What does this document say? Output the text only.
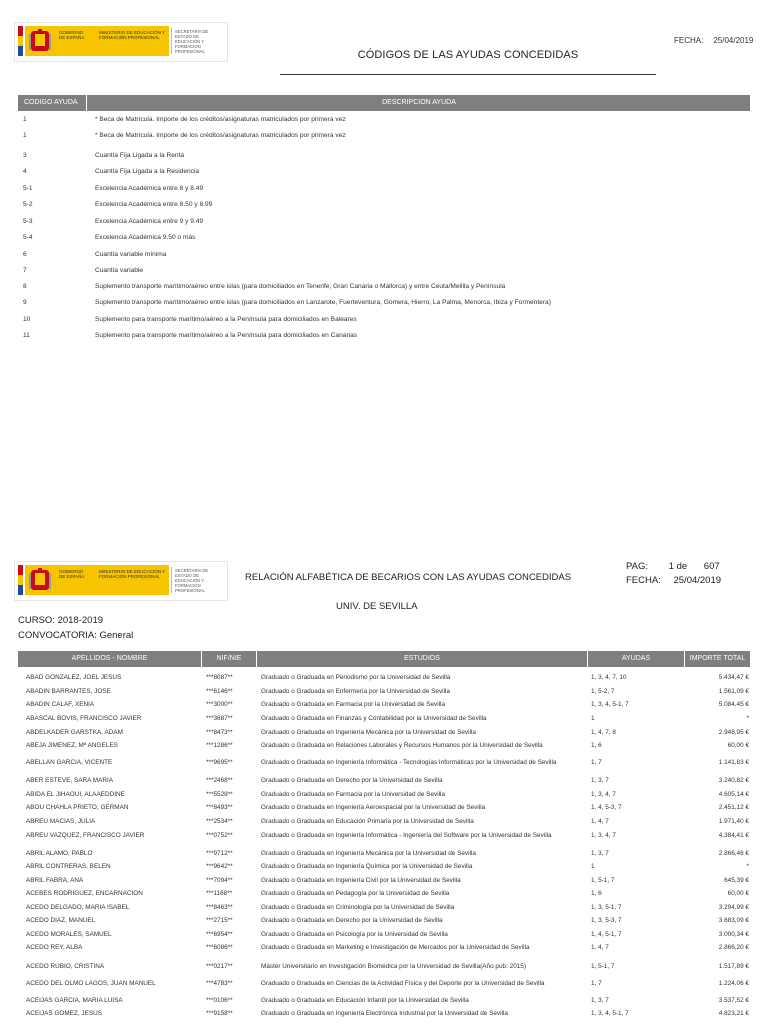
GOBIERNO DE ESPAÑA
MINISTERIO DE EDUCACIÓN Y FORMACIÓN PROFESIONAL
SECRETARÍA DE ESTADO DE EDUCACIÓN Y FORMACIÓN PROFESIONAL
FECHA: 25/04/2019
CÓDIGOS DE LAS AYUDAS CONCEDIDAS
CODIGO AYUDA	DESCRIPCION AYUDA
1	* Beca de Matrícula. Importe de los créditos/asignaturas matriculados por primera vez
1	* Beca de Matrícula. Importe de los créditos/asignaturas matriculados por primera vez
3	Cuantía Fija Ligada a la Renta
4	Cuantía Fija Ligada a la Residencia
5-1	Excelencia Académica entre 8 y 8.49
5-2	Excelencia Académica entre 8.50 y 8.99
5-3	Excelencia Académica entre 9 y 9.49
5-4	Excelencia Académica 9.50 o más
6	Cuantía variable mínima
7	Cuantía variable
8	Suplemento transporte marítimo/aéreo entre islas (para domiciliados en Tenerife, Gran Canaria o Mallorca) y entre Ceuta/Melilla y Península
9	Suplemento transporte marítimo/aéreo entre islas (para domiciliados en Lanzarote, Fuerteventura, Gomera, Hierro, La Palma, Menorca, Ibiza y Formentera)
10	Suplemento para transporte marítimo/aéreo a la Península para domiciliados en Baleares
11	Suplemento para transporte marítimo/aéreo a la Península para domiciliados en Canarias
GOBIERNO DE ESPAÑA
MINISTERIO DE EDUCACIÓN Y FORMACIÓN PROFESIONAL
SECRETARÍA DE ESTADO DE EDUCACIÓN Y FORMACIÓN PROFESIONAL
RELACIÓN ALFABÉTICA DE BECARIOS CON LAS AYUDAS CONCEDIDAS
PAG: 1 de 607
FECHA: 25/04/2019
UNIV. DE SEVILLA
CURSO: 2018-2019
CONVOCATORIA: General
APELLIDOS - NOMBRE	NIF/NIE	ESTUDIOS	AYUDAS	IMPORTE TOTAL
ABAD GONZALEZ, JOEL JESUS	***8087**	Graduado o Graduada en Periodismo por la Universidad de Sevilla	1, 3, 4, 7, 10	5.434,47 €
ABADIN BARRANTES, JOSE	***6146**	Graduado o Graduada en Enfermería por la Universidad de Sevilla	1, 5-2, 7	1.561,09 €
ABADIN CALAF, XENIA	***3000**	Graduado o Graduada en Farmacia por la Universidad de Sevilla	1, 3, 4, 5-1, 7	5.084,45 €
ABASCAL BOVIS, FRANCISCO JAVIER	***3687**	Graduado o Graduada en Finanzas y Contabilidad por la Universidad de Sevilla	1	*
ABDELKADER GARSTKA, ADAM	***8473**	Graduado o Graduada en Ingeniería Mecánica por la Universidad de Sevilla	1, 4, 7, 8	2.948,95 €
ABEJA JIMENEZ, Mª ANGELES	***1286**	Graduado o Graduada en Relaciones Laborales y Recursos Humanos por la Universidad de Sevilla	1, 6	60,00 €
ABELLAN GARCIA, VICENTE	***9695**	Graduado o Graduada en Ingeniería Informática - Tecnologías Informáticas por la Universidad de Sevilla	1, 7	1.141,83 €
ABER ESTEVE, SARA MARIA	***2468**	Graduado o Graduada en Derecho por la Universidad de Sevilla	1, 3, 7	3.240,82 €
ABIDA EL JIHAOUI, ALAAEDDINE	***5528**	Graduado o Graduada en Farmacia por la Universidad de Sevilla	1, 3, 4, 7	4.605,14 €
ABOU CHAHLA PRIETO, GERMAN	***8493**	Graduado o Graduada en Ingeniería Aeroespacial por la Universidad de Sevilla	1, 4, 5-3, 7	2.451,12 €
ABREU MACIAS, JULIA	***2534**	Graduado o Graduada en Educación Primaria por la Universidad de Sevilla	1, 4, 7	1.971,40 €
ABREU VAZQUEZ, FRANCISCO JAVIER	***0752**	Graduado o Graduada en Ingeniería Informática - Ingeniería del Software por la Universidad de Sevilla	1, 3, 4, 7	4.384,41 €
ABRIL ALAMO, PABLO	***9712**	Graduado o Graduada en Ingeniería Mecánica por la Universidad de Sevilla	1, 3, 7	2.866,46 €
ABRIL CONTRERAS, BELEN	***9642**	Graduado o Graduada en Ingeniería Química por la Universidad de Sevilla	1	*
ABRIL FABRA, ANA	***7094**	Graduado o Graduada en Ingeniería Civil por la Universidad de Sevilla	1, 5-1, 7	645,39 €
ACEBES RODRIGUEZ, ENCARNACION	***1168**	Graduado o Graduada en Pedagogía por la Universidad de Sevilla	1, 6	60,00 €
ACEDO DELGADO, MARIA ISABEL	***8463**	Graduado o Graduada en Criminología por la Universidad de Sevilla	1, 3, 5-1, 7	3.294,99 €
ACEDO DIAZ, MANUEL	***2715**	Graduado o Graduada en Derecho por la Universidad de Sevilla	1, 3, 5-3, 7	3.683,09 €
ACEDO MORALES, SAMUEL	***6954**	Graduado o Graduada en Psicología por la Universidad de Sevilla	1, 4, 5-1, 7	3.000,34 €
ACEDO REY, ALBA	***6086**	Graduado o Graduada en Marketing e Investigación de Mercados por la Universidad de Sevilla	1, 4, 7	2.866,20 €
ACEDO RUBIO, CRISTINA	***0217**	Máster Universitario en Investigación Biomédica por la Universidad de Sevilla(Año pub: 2015)	1, 5-1, 7	1.517,89 €
ACEDO DEL OLMO LAGOS, JUAN MANUEL	***4783**	Graduado o Graduada en Ciencias de la Actividad Física y del Deporte por la Universidad de Sevilla	1, 7	1.224,06 €
ACEIJAS GARCIA, MARIA LUISA	***0106**	Graduado o Graduada en Educación Infantil por la Universidad de Sevilla	1, 3, 7	3.537,52 €
ACEIJAS GOMEZ, JESUS	***9158**	Graduado o Graduada en Ingeniería Electrónica Industrial por la Universidad de Sevilla	1, 3, 4, 5-1, 7	4.823,21 €
